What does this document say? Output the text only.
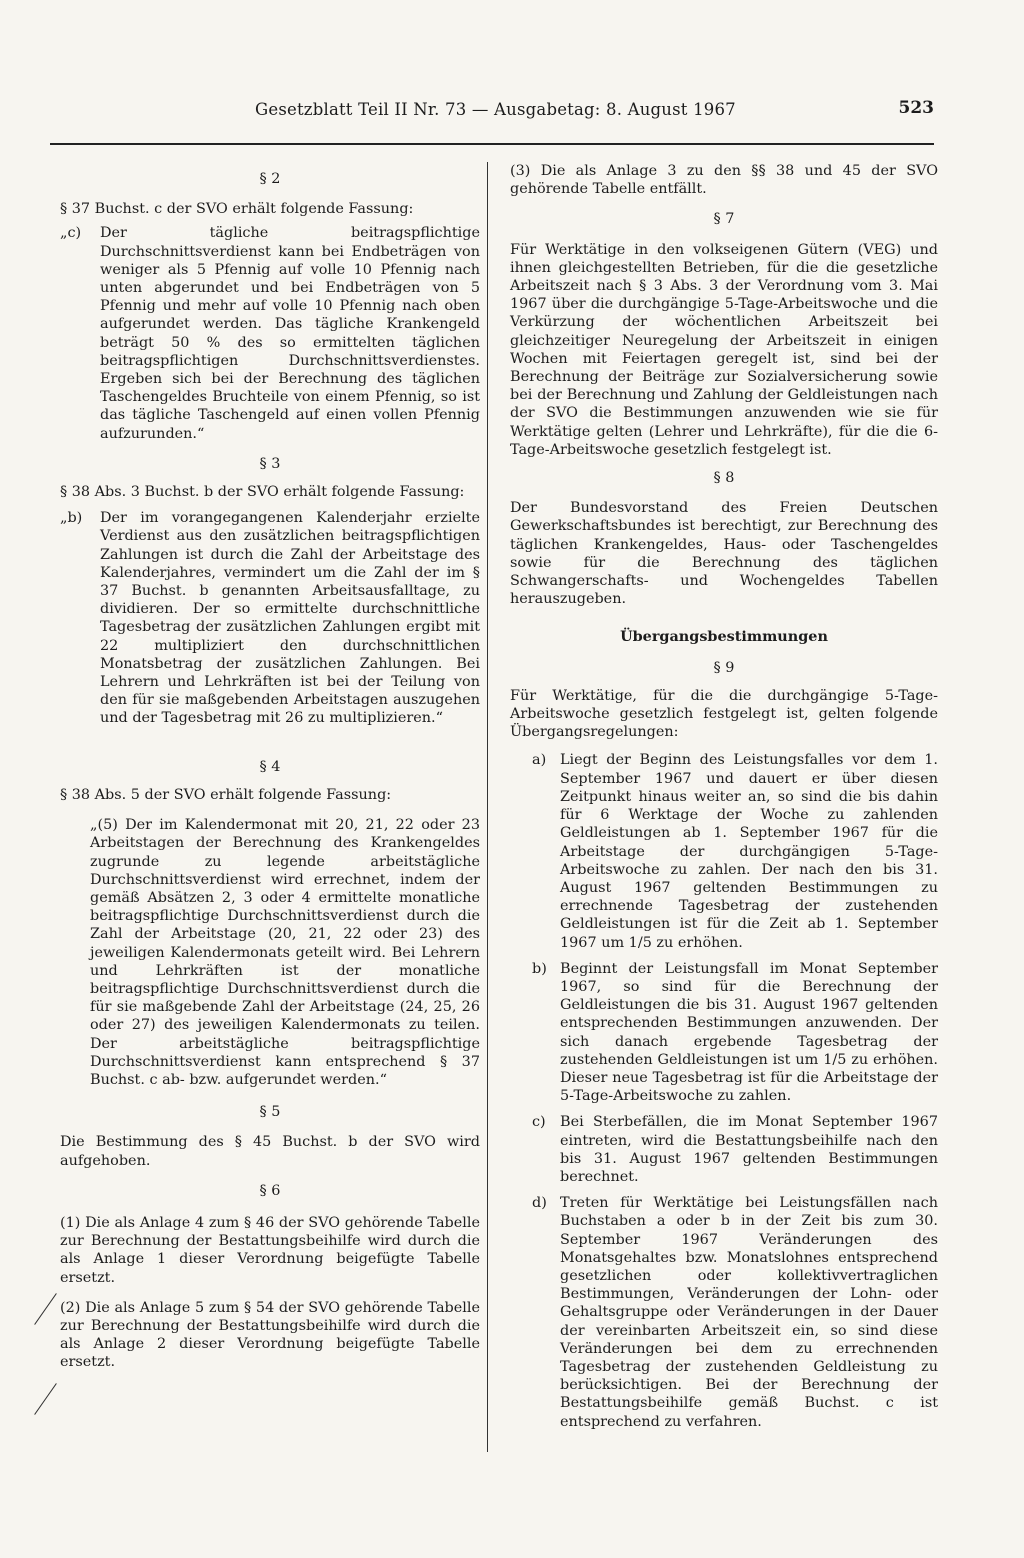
Gesetzblatt Teil II Nr. 73 — Ausgabetag: 8. August 1967	523

§ 2

§ 37 Buchst. c der SVO erhält folgende Fassung:

„c)	Der tägliche beitragspflichtige Durchschnittsverdienst kann bei Endbeträgen von weniger als 5 Pfennig auf volle 10 Pfennig nach unten abgerundet und bei Endbeträgen von 5 Pfennig und mehr auf volle 10 Pfennig nach oben aufgerundet werden. Das tägliche Krankengeld beträgt 50 % des so ermittelten täglichen beitragspflichtigen Durchschnittsverdienstes. Ergeben sich bei der Berechnung des täglichen Taschengeldes Bruchteile von einem Pfennig, so ist das tägliche Taschengeld auf einen vollen Pfennig aufzurunden.“

§ 3

§ 38 Abs. 3 Buchst. b der SVO erhält folgende Fassung:

„b)	Der im vorangegangenen Kalenderjahr erzielte Verdienst aus den zusätzlichen beitragspflichtigen Zahlungen ist durch die Zahl der Arbeitstage des Kalenderjahres, vermindert um die Zahl der im § 37 Buchst. b genannten Arbeitsausfalltage, zu dividieren. Der so ermittelte durchschnittliche Tagesbetrag der zusätzlichen Zahlungen ergibt mit 22 multipliziert den durchschnittlichen Monatsbetrag der zusätzlichen Zahlungen. Bei Lehrern und Lehrkräften ist bei der Teilung von den für sie maßgebenden Arbeitstagen auszugehen und der Tagesbetrag mit 26 zu multiplizieren.“

§ 4

§ 38 Abs. 5 der SVO erhält folgende Fassung:

„(5) Der im Kalendermonat mit 20, 21, 22 oder 23 Arbeitstagen der Berechnung des Krankengeldes zugrunde zu legende arbeitstägliche Durchschnittsverdienst wird errechnet, indem der gemäß Absätzen 2, 3 oder 4 ermittelte monatliche beitragspflichtige Durchschnittsverdienst durch die Zahl der Arbeitstage (20, 21, 22 oder 23) des jeweiligen Kalendermonats geteilt wird. Bei Lehrern und Lehrkräften ist der monatliche beitragspflichtige Durchschnittsverdienst durch die für sie maßgebende Zahl der Arbeitstage (24, 25, 26 oder 27) des jeweiligen Kalendermonats zu teilen. Der arbeitstägliche beitragspflichtige Durchschnittsverdienst kann entsprechend § 37 Buchst. c ab- bzw. aufgerundet werden.“

§ 5

Die Bestimmung des § 45 Buchst. b der SVO wird aufgehoben.

§ 6

(1) Die als Anlage 4 zum § 46 der SVO gehörende Tabelle zur Berechnung der Bestattungsbeihilfe wird durch die als Anlage 1 dieser Verordnung beigefügte Tabelle ersetzt.

(2) Die als Anlage 5 zum § 54 der SVO gehörende Tabelle zur Berechnung der Bestattungsbeihilfe wird durch die als Anlage 2 dieser Verordnung beigefügte Tabelle ersetzt.

(3) Die als Anlage 3 zu den §§ 38 und 45 der SVO gehörende Tabelle entfällt.

§ 7

Für Werktätige in den volkseigenen Gütern (VEG) und ihnen gleichgestellten Betrieben, für die die gesetzliche Arbeitszeit nach § 3 Abs. 3 der Verordnung vom 3. Mai 1967 über die durchgängige 5-Tage-Arbeitswoche und die Verkürzung der wöchentlichen Arbeitszeit bei gleichzeitiger Neuregelung der Arbeitszeit in einigen Wochen mit Feiertagen geregelt ist, sind bei der Berechnung der Beiträge zur Sozialversicherung sowie bei der Berechnung und Zahlung der Geldleistungen nach der SVO die Bestimmungen anzuwenden wie sie für Werktätige gelten (Lehrer und Lehrkräfte), für die die 6-Tage-Arbeitswoche gesetzlich festgelegt ist.

§ 8

Der Bundesvorstand des Freien Deutschen Gewerkschaftsbundes ist berechtigt, zur Berechnung des täglichen Krankengeldes, Haus- oder Taschengeldes sowie für die Berechnung des täglichen Schwangerschafts- und Wochengeldes Tabellen herauszugeben.

Übergangsbestimmungen

§ 9

Für Werktätige, für die die durchgängige 5-Tage-Arbeitswoche gesetzlich festgelegt ist, gelten folgende Übergangsregelungen:

a) Liegt der Beginn des Leistungsfalles vor dem 1. September 1967 und dauert er über diesen Zeitpunkt hinaus weiter an, so sind die bis dahin für 6 Werktage der Woche zu zahlenden Geldleistungen ab 1. September 1967 für die Arbeitstage der durchgängigen 5-Tage-Arbeitswoche zu zahlen. Der nach den bis 31. August 1967 geltenden Bestimmungen zu errechnende Tagesbetrag der zustehenden Geldleistungen ist für die Zeit ab 1. September 1967 um 1/5 zu erhöhen.
b) Beginnt der Leistungsfall im Monat September 1967, so sind für die Berechnung der Geldleistungen die bis 31. August 1967 geltenden entsprechenden Bestimmungen anzuwenden. Der sich danach ergebende Tagesbetrag der zustehenden Geldleistungen ist um 1/5 zu erhöhen. Dieser neue Tagesbetrag ist für die Arbeitstage der 5-Tage-Arbeitswoche zu zahlen.
c) Bei Sterbefällen, die im Monat September 1967 eintreten, wird die Bestattungsbeihilfe nach den bis 31. August 1967 geltenden Bestimmungen berechnet.
d) Treten für Werktätige bei Leistungsfällen nach Buchstaben a oder b in der Zeit bis zum 30. September 1967 Veränderungen des Monatsgehaltes bzw. Monatslohnes entsprechend gesetzlichen oder kollektivvertraglichen Bestimmungen, Veränderungen der Lohn- oder Gehaltsgruppe oder Veränderungen in der Dauer der vereinbarten Arbeitszeit ein, so sind diese Veränderungen bei dem zu errechnenden Tagesbetrag der zustehenden Geldleistung zu berücksichtigen. Bei der Berechnung der Bestattungsbeihilfe gemäß Buchst. c ist entsprechend zu verfahren.
